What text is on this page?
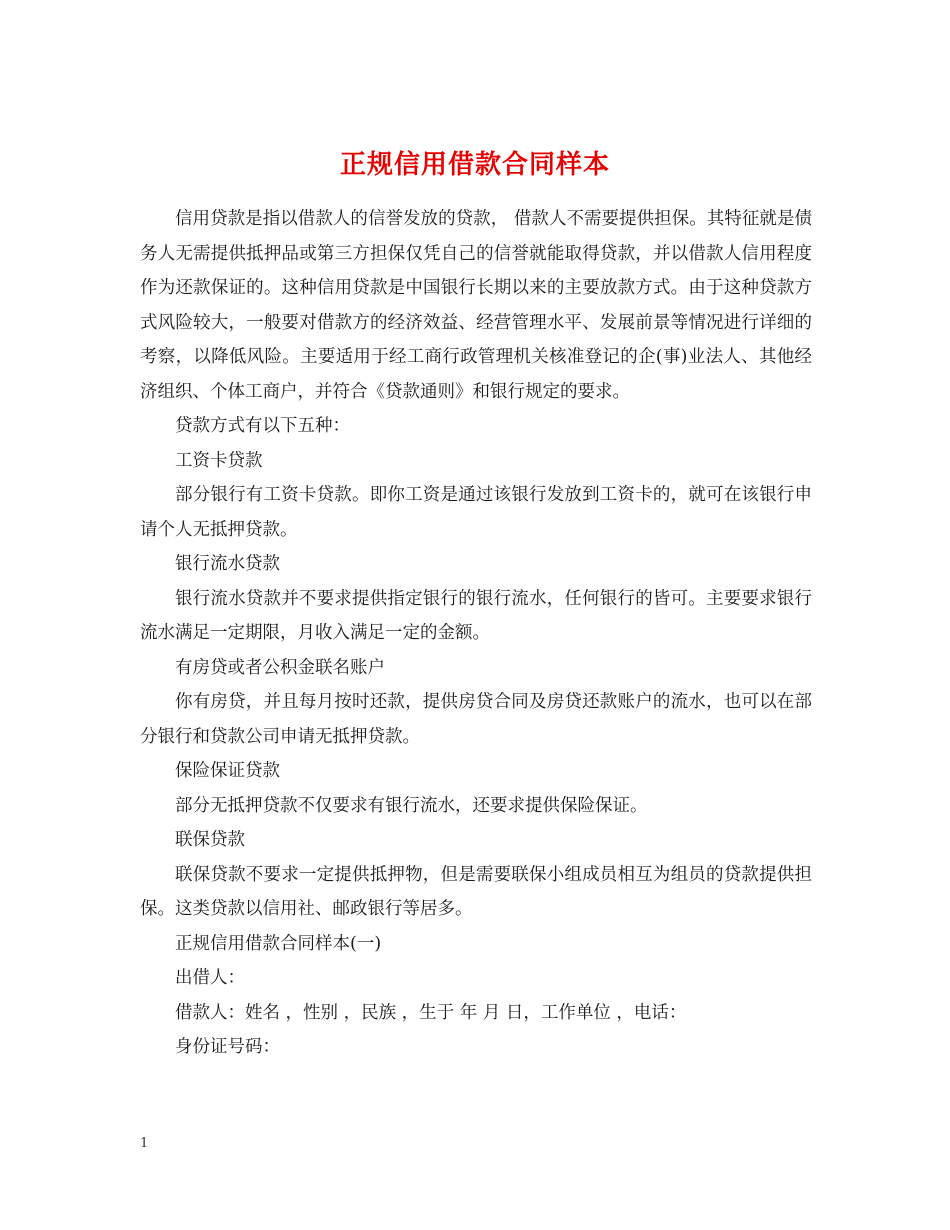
正规信用借款合同样本

信用贷款是指以借款人的信誉发放的贷款， 借款人不需要提供担保。其特征就是债务人无需提供抵押品或第三方担保仅凭自己的信誉就能取得贷款，并以借款人信用程度作为还款保证的。这种信用贷款是中国银行长期以来的主要放款方式。由于这种贷款方式风险较大，一般要对借款方的经济效益、经营管理水平、发展前景等情况进行详细的考察，以降低风险。主要适用于经工商行政管理机关核准登记的企(事)业法人、其他经济组织、个体工商户，并符合《贷款通则》和银行规定的要求。

贷款方式有以下五种：

工资卡贷款

部分银行有工资卡贷款。即你工资是通过该银行发放到工资卡的，就可在该银行申请个人无抵押贷款。

银行流水贷款

银行流水贷款并不要求提供指定银行的银行流水，任何银行的皆可。主要要求银行流水满足一定期限，月收入满足一定的金额。

有房贷或者公积金联名账户

你有房贷，并且每月按时还款，提供房贷合同及房贷还款账户的流水，也可以在部分银行和贷款公司申请无抵押贷款。

保险保证贷款

部分无抵押贷款不仅要求有银行流水，还要求提供保险保证。

联保贷款

联保贷款不要求一定提供抵押物，但是需要联保小组成员相互为组员的贷款提供担保。这类贷款以信用社、邮政银行等居多。

正规信用借款合同样本(一)

出借人：

借款人：姓名 ，性别 ，民族 ，生于 年 月 日，工作单位 ，电话：

身份证号码：

1
